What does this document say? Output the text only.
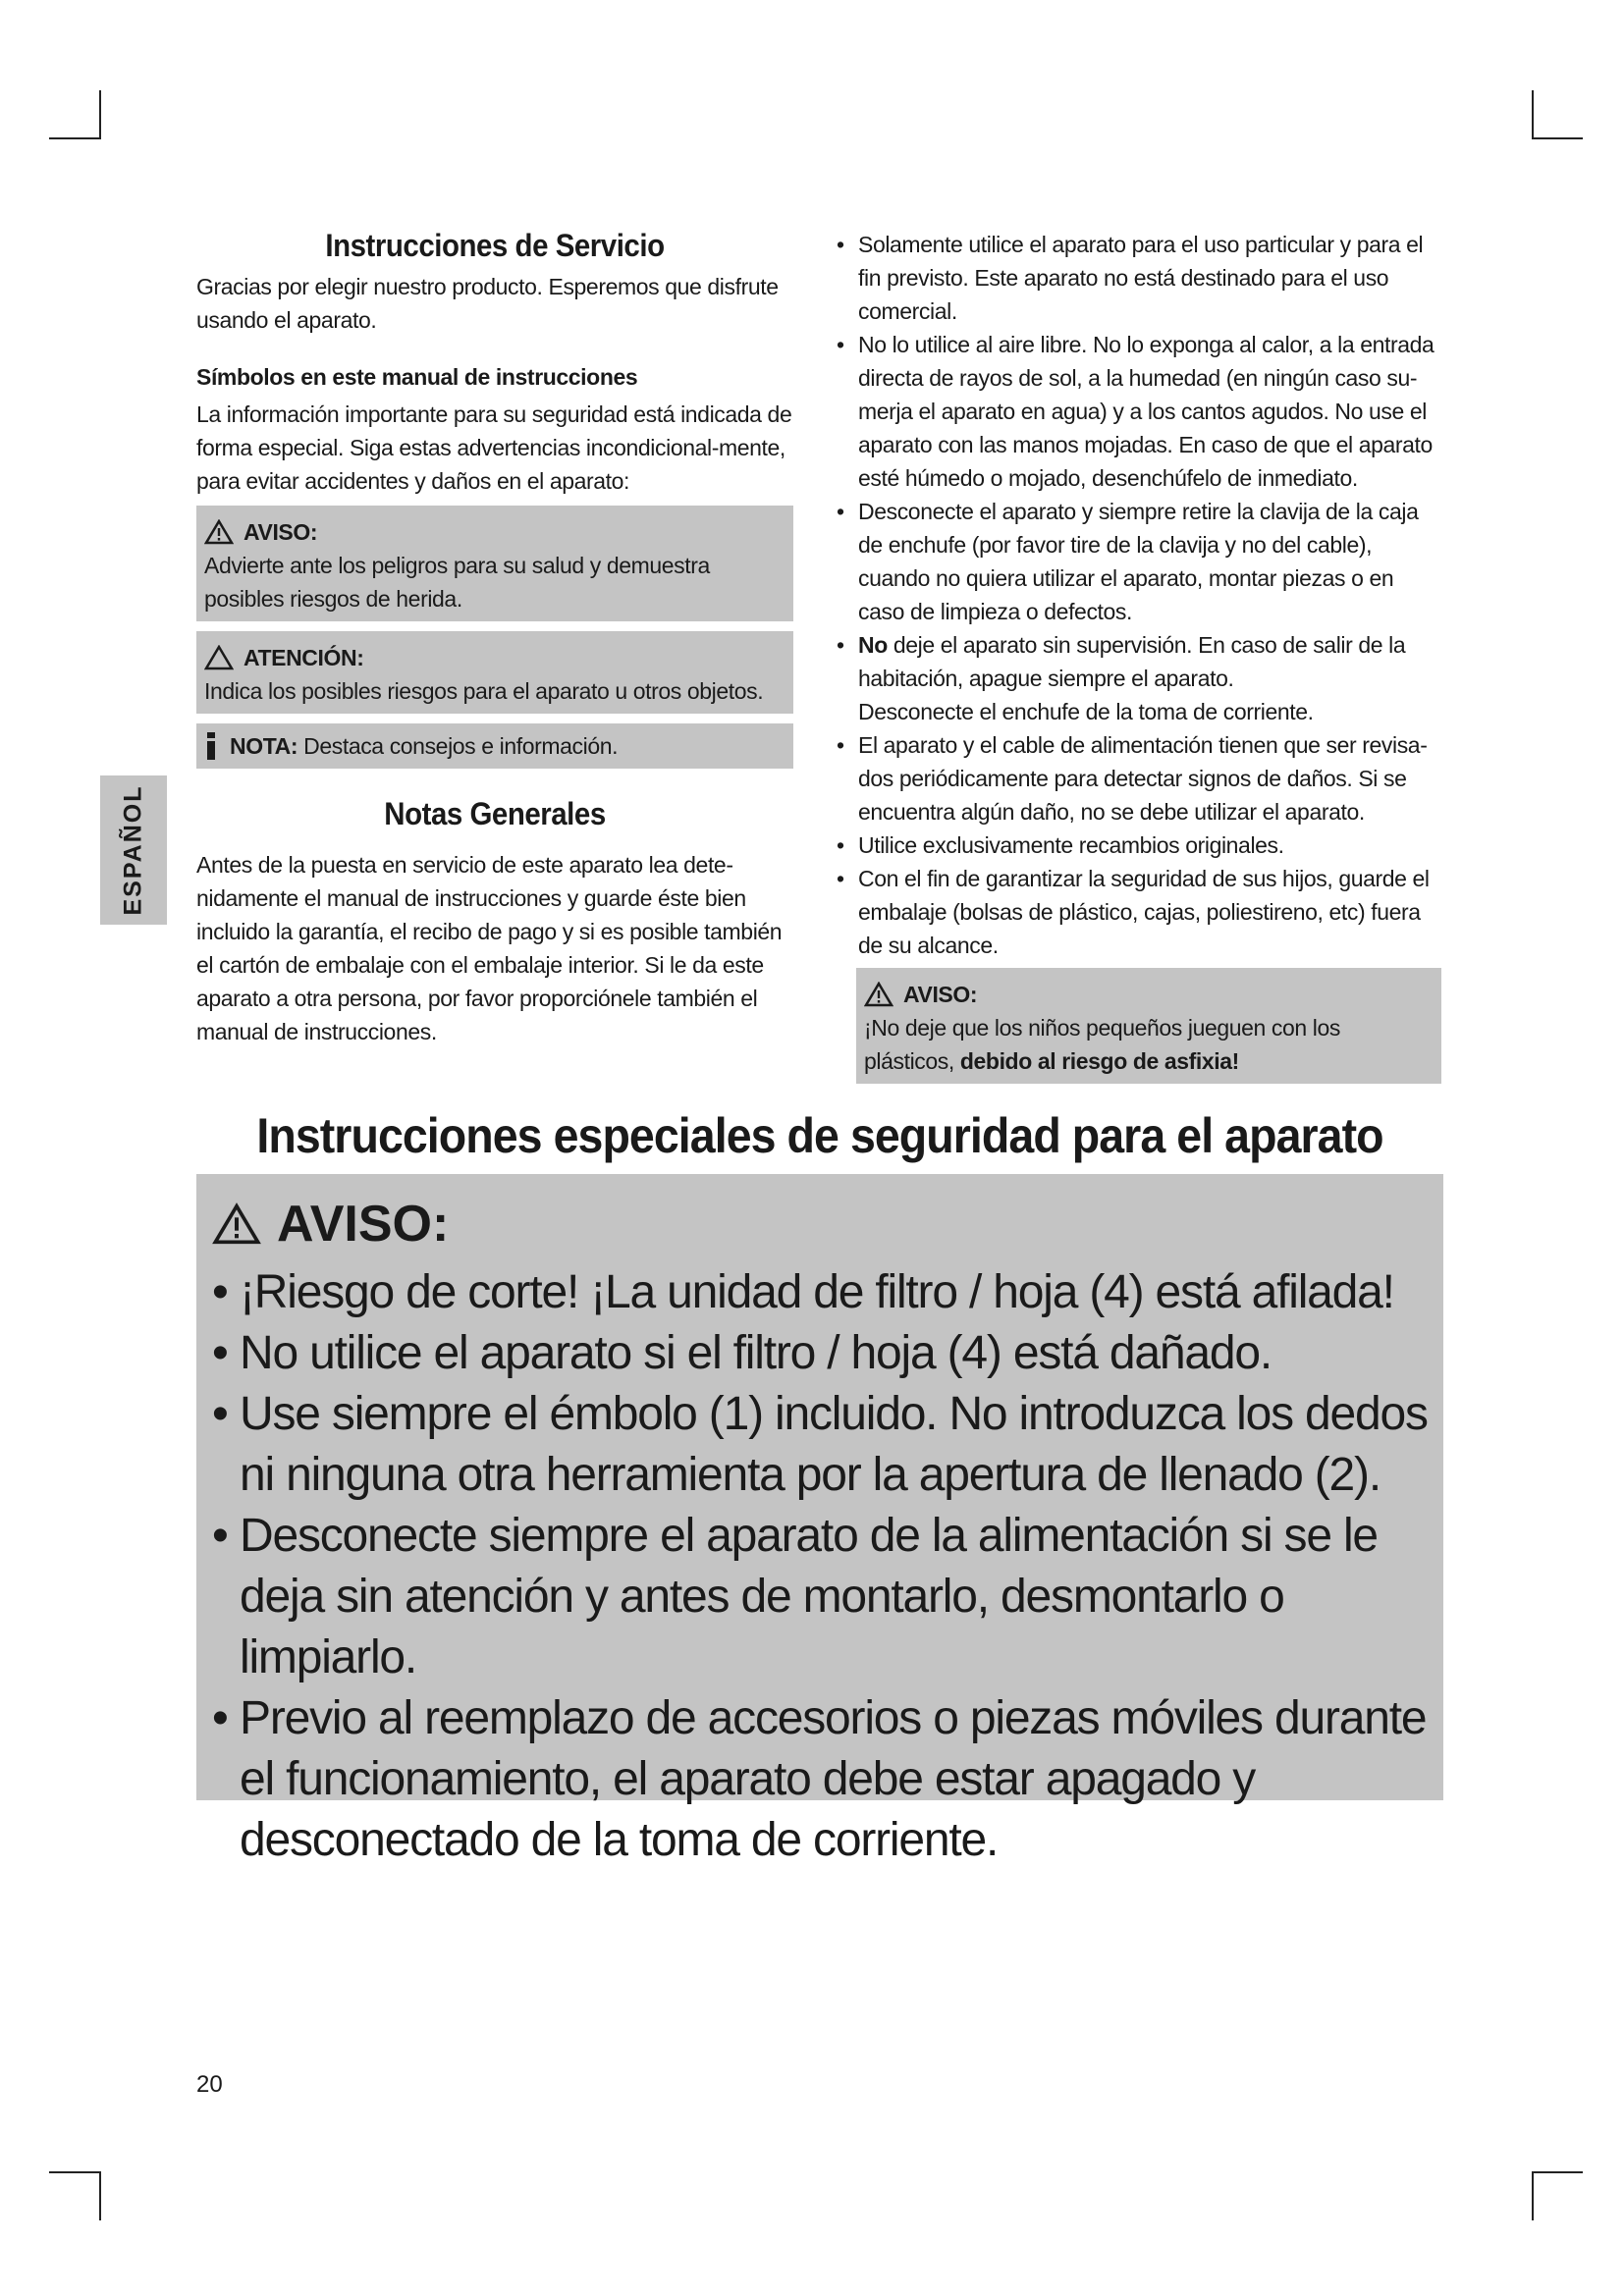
ESPAÑOL
Instrucciones de Servicio

Gracias por elegir nuestro producto. Esperemos que disfrute usando el aparato.

Símbolos en este manual de instrucciones

La información importante para su seguridad está indicada de forma especial. Siga estas advertencias incondicional-mente, para evitar accidentes y daños en el aparato:

AVISO:
Advierte ante los peligros para su salud y demuestra posibles riesgos de herida.
ATENCIÓN:
Indica los posibles riesgos para el aparato u otros objetos.
NOTA: Destaca consejos e información.
Notas Generales

Antes de la puesta en servicio de este aparato lea dete-nidamente el manual de instrucciones y guarde éste bien incluido la garantía, el recibo de pago y si es posible también el cartón de embalaje con el embalaje interior. Si le da este aparato a otra persona, por favor proporciónele también el manual de instrucciones.

• Solamente utilice el aparato para el uso particular y para el fin previsto. Este aparato no está destinado para el uso comercial.
• No lo utilice al aire libre. No lo exponga al calor, a la entrada directa de rayos de sol, a la humedad (en ningún caso su-merja el aparato en agua) y a los cantos agudos. No use el aparato con las manos mojadas. En caso de que el aparato esté húmedo o mojado, desenchúfelo de inmediato.
• Desconecte el aparato y siempre retire la clavija de la caja de enchufe (por favor tire de la clavija y no del cable), cuando no quiera utilizar el aparato, montar piezas o en caso de limpieza o defectos.
• No deje el aparato sin supervisión. En caso de salir de la habitación, apague siempre el aparato.
Desconecte el enchufe de la toma de corriente.
• El aparato y el cable de alimentación tienen que ser revisa-dos periódicamente para detectar signos de daños. Si se encuentra algún daño, no se debe utilizar el aparato.
• Utilice exclusivamente recambios originales.
• Con el fin de garantizar la seguridad de sus hijos, guarde el embalaje (bolsas de plástico, cajas, poliestireno, etc) fuera de su alcance.
AVISO:
¡No deje que los niños pequeños jueguen con los plásticos, debido al riesgo de asfixia!
Instrucciones especiales de seguridad para el aparato
AVISO:
• ¡Riesgo de corte! ¡La unidad de filtro / hoja (4) está afilada!
• No utilice el aparato si el filtro / hoja (4) está dañado.
• Use siempre el émbolo (1) incluido. No introduzca los dedos ni ninguna otra herramienta por la apertura de llenado (2).
• Desconecte siempre el aparato de la alimentación si se le deja sin atención y antes de montarlo, desmontarlo o limpiarlo.
• Previo al reemplazo de accesorios o piezas móviles durante el funcionamiento, el aparato debe estar apagado y desconectado de la toma de corriente.
20
